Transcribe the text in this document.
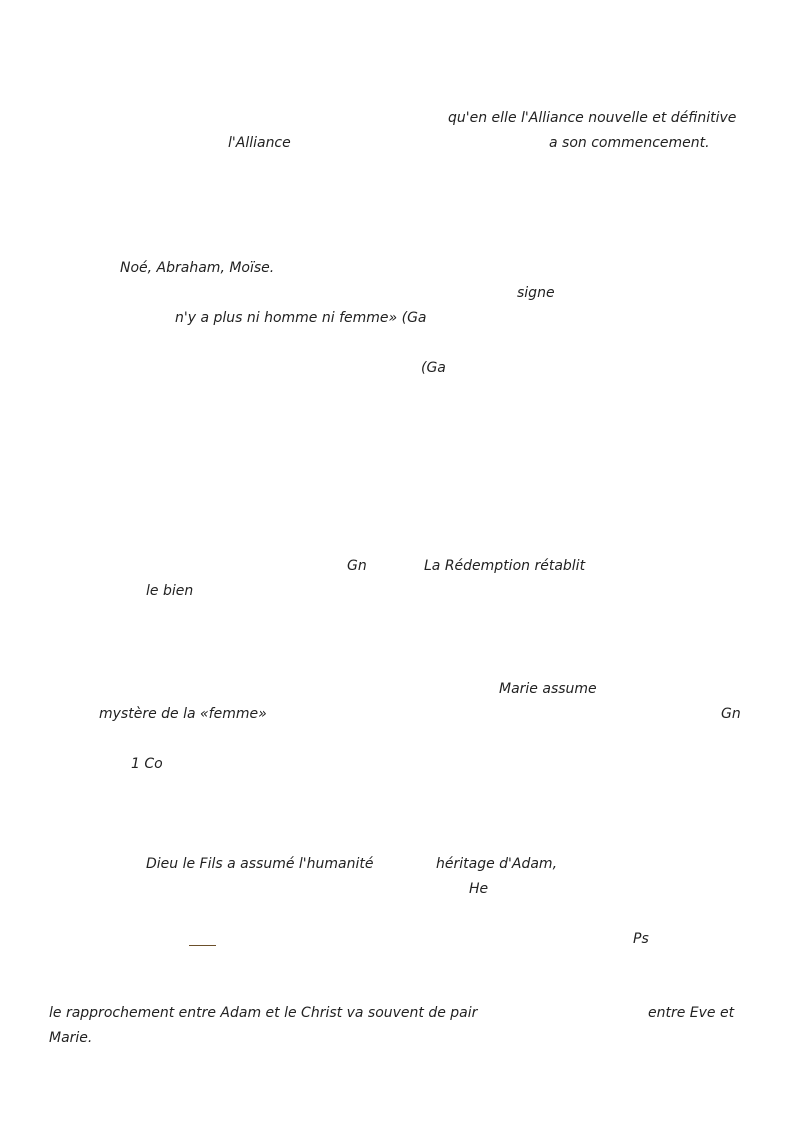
qu'en elle l'Alliance nouvelle et définitive
l'Alliance	a son commencement.
Noé, Abraham, Moïse.
signe
n'y a plus ni homme ni femme» (Ga
(Ga
Gn	La Rédemption rétablit
le bien
Marie assume
mystère de la «femme»	Gn
1 Co
Dieu le Fils a assumé l'humanité	héritage d'Adam,
He
Ps
le rapprochement entre Adam et le Christ va souvent de pair	entre Eve et
Marie.
